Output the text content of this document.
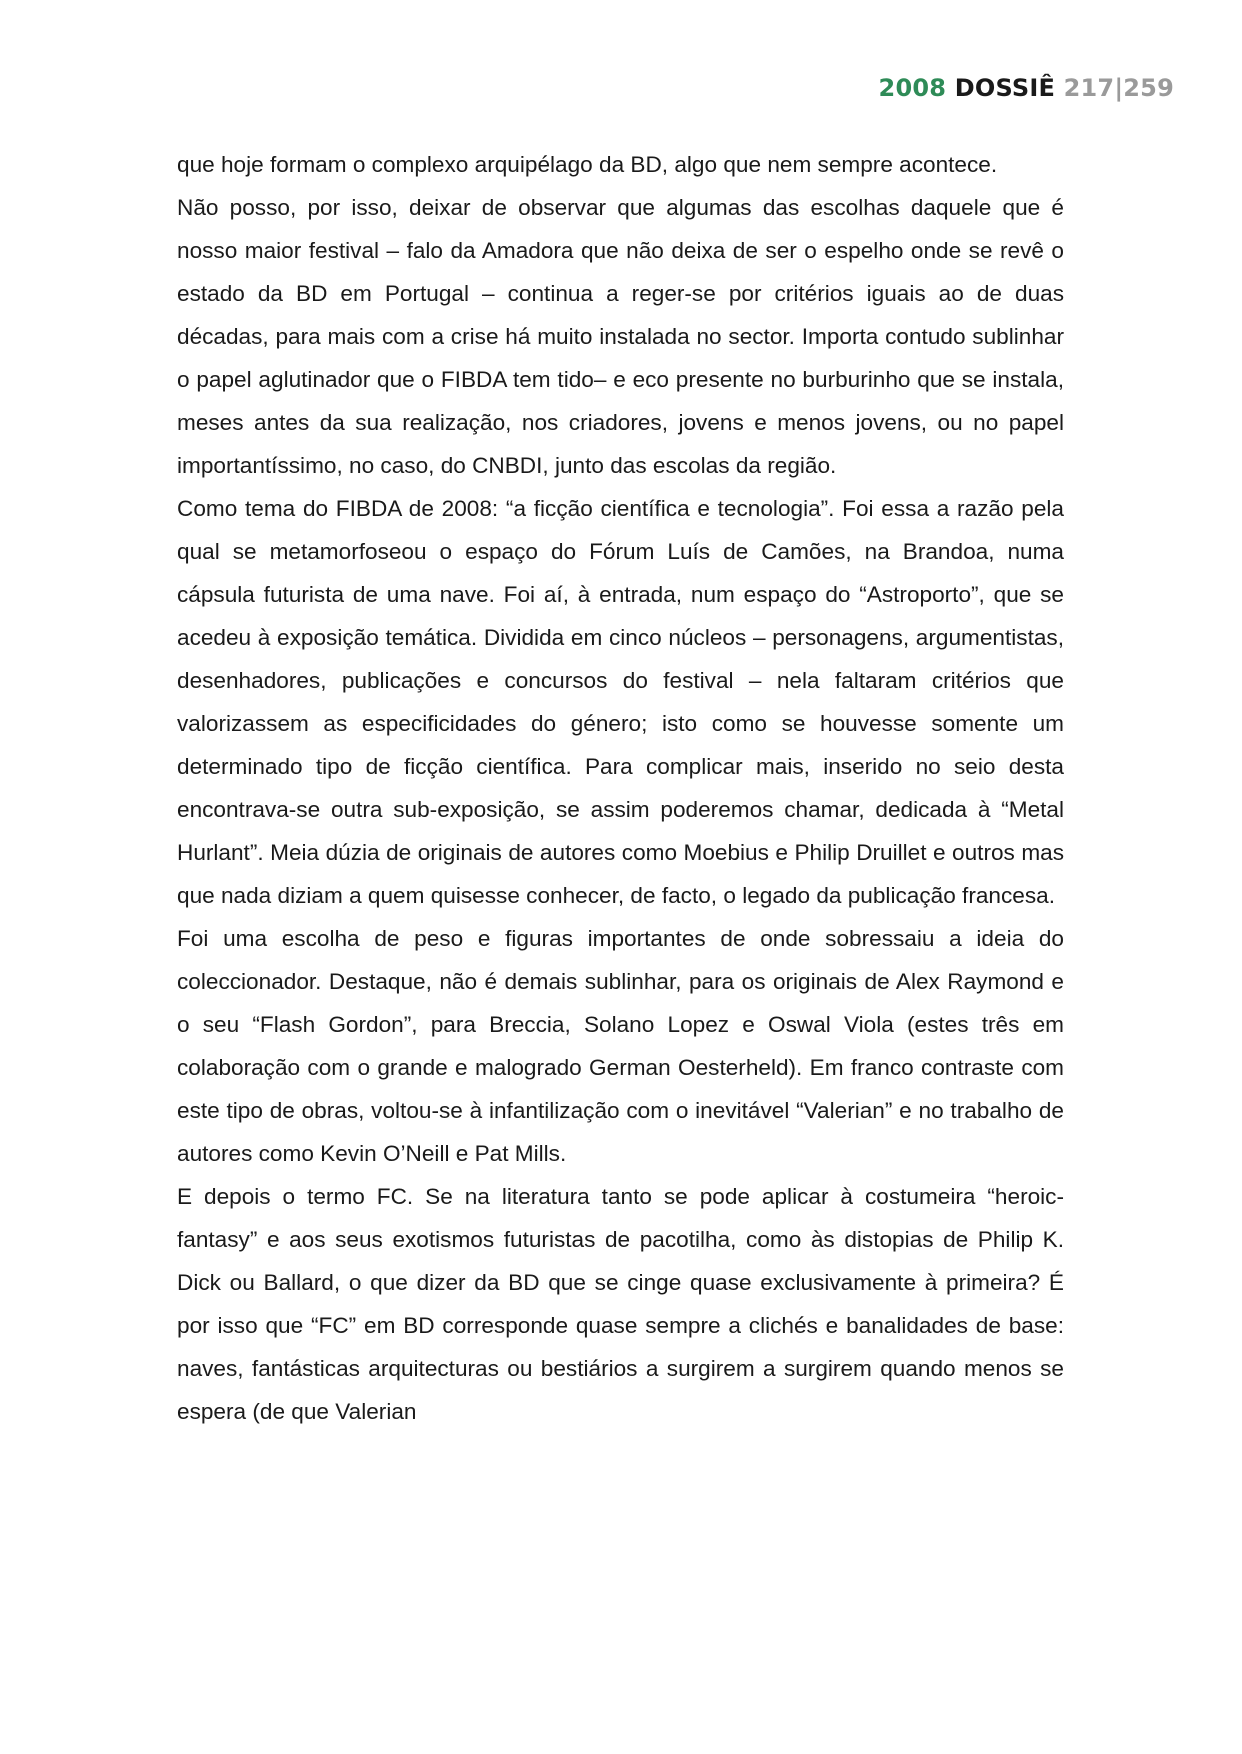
2008 DOSSIÊ 217|259

que hoje formam o complexo arquipélago da BD, algo que nem sempre acontece.

Não posso, por isso, deixar de observar que algumas das escolhas daquele que é nosso maior festival – falo da Amadora que não deixa de ser o espelho onde se revê o estado da BD em Portugal – continua a reger-se por critérios iguais ao de duas décadas, para mais com a crise há muito instalada no sector. Importa contudo sublinhar o papel aglutinador que o FIBDA tem tido– e eco presente no burburinho que se instala, meses antes da sua realização, nos criadores, jovens e menos jovens, ou no papel importantíssimo, no caso, do CNBDI, junto das escolas da região.

Como tema do FIBDA de 2008: “a ficção científica e tecnologia”. Foi essa a razão pela qual se metamorfoseou o espaço do Fórum Luís de Camões, na Brandoa, numa cápsula futurista de uma nave. Foi aí, à entrada, num espaço do “Astroporto”, que se acedeu à exposição temática. Dividida em cinco núcleos – personagens, argumentistas, desenhadores, publicações e concursos do festival – nela faltaram critérios que valorizassem as especificidades do género; isto como se houvesse somente um determinado tipo de ficção científica. Para complicar mais, inserido no seio desta encontrava-se outra sub-exposição, se assim poderemos chamar, dedicada à “Metal Hurlant”. Meia dúzia de originais de autores como Moebius e Philip Druillet e outros mas que nada diziam a quem quisesse conhecer, de facto, o legado da publicação francesa.

Foi uma escolha de peso e figuras importantes de onde sobressaiu a ideia do coleccionador. Destaque, não é demais sublinhar, para os originais de Alex Raymond e o seu “Flash Gordon”, para Breccia, Solano Lopez e Oswal Viola (estes três em colaboração com o grande e malogrado German Oesterheld). Em franco contraste com este tipo de obras, voltou-se à infantilização com o inevitável “Valerian” e no trabalho de autores como Kevin O’Neill e Pat Mills.

E depois o termo FC. Se na literatura tanto se pode aplicar à costumeira “heroic-fantasy” e aos seus exotismos futuristas de pacotilha, como às distopias de Philip K. Dick ou Ballard, o que dizer da BD que se cinge quase exclusivamente à primeira? É por isso que “FC” em BD corresponde quase sempre a clichés e banalidades de base: naves, fantásticas arquitecturas ou bestiários a surgirem a surgirem quando menos se espera (de que Valerian
